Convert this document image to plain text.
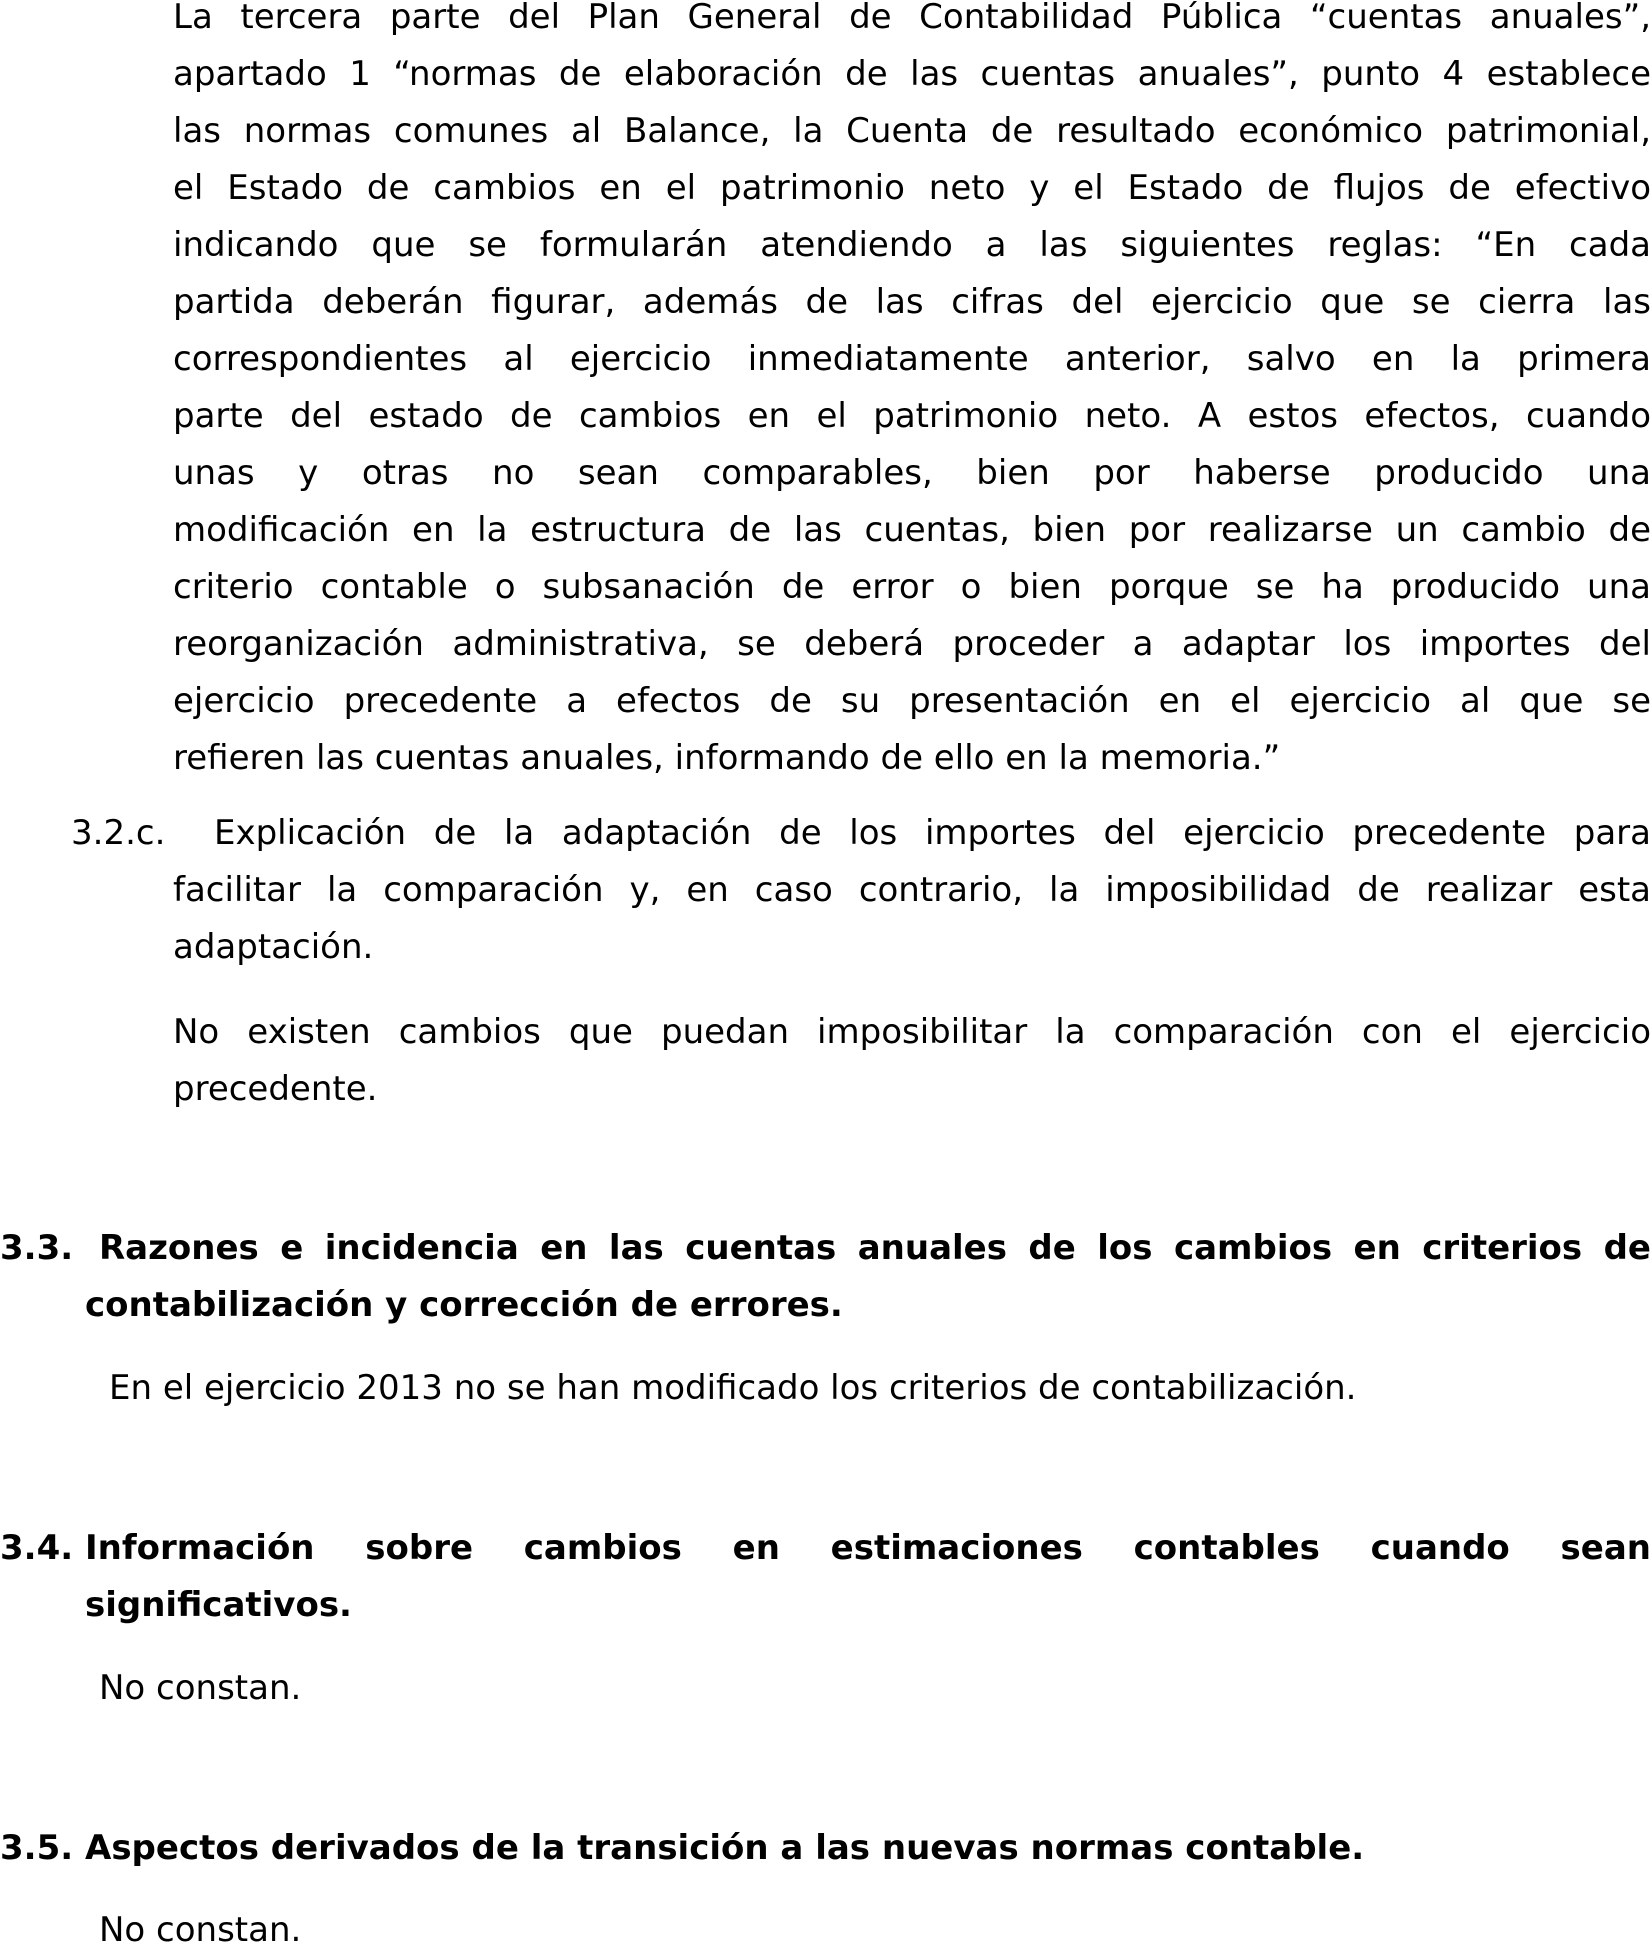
La tercera parte del Plan General de Contabilidad Pública “cuentas anuales”,
apartado 1 “normas de elaboración de las cuentas anuales”, punto 4 establece
las normas comunes al Balance, la Cuenta de resultado económico patrimonial,
el Estado de cambios en el patrimonio neto y el Estado de flujos de efectivo
indicando que se formularán atendiendo a las siguientes reglas: “En cada
partida deberán figurar, además de las cifras del ejercicio que se cierra las
correspondientes al ejercicio inmediatamente anterior, salvo en la primera
parte del estado de cambios en el patrimonio neto. A estos efectos, cuando
unas y otras no sean comparables, bien por haberse producido una
modificación en la estructura de las cuentas, bien por realizarse un cambio de
criterio contable o subsanación de error o bien porque se ha producido una
reorganización administrativa, se deberá proceder a adaptar los importes del
ejercicio precedente a efectos de su presentación en el ejercicio al que se
refieren las cuentas anuales, informando de ello en la memoria.”
3.2.c. Explicación de la adaptación de los importes del ejercicio precedente para
facilitar la comparación y, en caso contrario, la imposibilidad de realizar esta
adaptación.
No existen cambios que puedan imposibilitar la comparación con el ejercicio
precedente.
3.3. Razones e incidencia en las cuentas anuales de los cambios en criterios de
contabilización y corrección de errores.
En el ejercicio 2013 no se han modificado los criterios de contabilización.
3.4. Información sobre cambios en estimaciones contables cuando sean
significativos.
No constan.
3.5. Aspectos derivados de la transición a las nuevas normas contable.
No constan.
